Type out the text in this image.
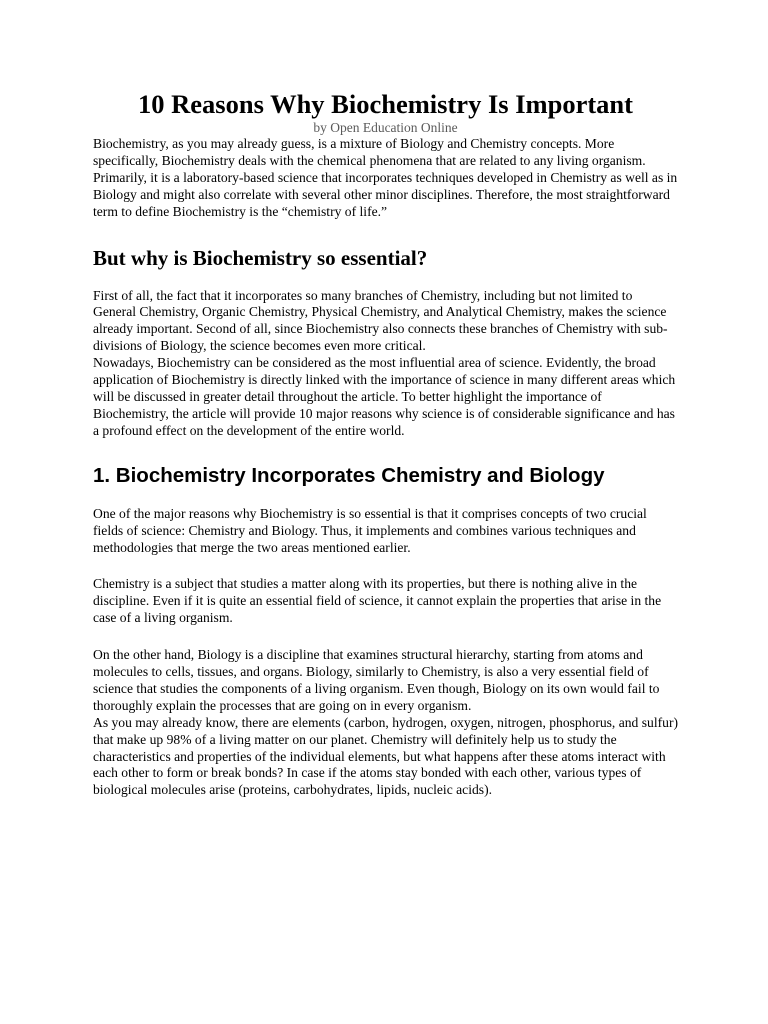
10 Reasons Why Biochemistry Is Important
by Open Education Online

Biochemistry, as you may already guess, is a mixture of Biology and Chemistry concepts. More specifically, Biochemistry deals with the chemical phenomena that are related to any living organism. Primarily, it is a laboratory-based science that incorporates techniques developed in Chemistry as well as in Biology and might also correlate with several other minor disciplines. Therefore, the most straightforward term to define Biochemistry is the “chemistry of life.”

But why is Biochemistry so essential?

First of all, the fact that it incorporates so many branches of Chemistry, including but not limited to General Chemistry, Organic Chemistry, Physical Chemistry, and Analytical Chemistry, makes the science already important. Second of all, since Biochemistry also connects these branches of Chemistry with sub-divisions of Biology, the science becomes even more critical.

Nowadays, Biochemistry can be considered as the most influential area of science. Evidently, the broad application of Biochemistry is directly linked with the importance of science in many different areas which will be discussed in greater detail throughout the article. To better highlight the importance of Biochemistry, the article will provide 10 major reasons why science is of considerable significance and has a profound effect on the development of the entire world.

1. Biochemistry Incorporates Chemistry and Biology

One of the major reasons why Biochemistry is so essential is that it comprises concepts of two crucial fields of science: Chemistry and Biology. Thus, it implements and combines various techniques and methodologies that merge the two areas mentioned earlier.

Chemistry is a subject that studies a matter along with its properties, but there is nothing alive in the discipline. Even if it is quite an essential field of science, it cannot explain the properties that arise in the case of a living organism.

On the other hand, Biology is a discipline that examines structural hierarchy, starting from atoms and molecules to cells, tissues, and organs. Biology, similarly to Chemistry, is also a very essential field of science that studies the components of a living organism. Even though, Biology on its own would fail to thoroughly explain the processes that are going on in every organism.

As you may already know, there are elements (carbon, hydrogen, oxygen, nitrogen, phosphorus, and sulfur) that make up 98% of a living matter on our planet. Chemistry will definitely help us to study the characteristics and properties of the individual elements, but what happens after these atoms interact with each other to form or break bonds? In case if the atoms stay bonded with each other, various types of biological molecules arise (proteins, carbohydrates, lipids, nucleic acids).
